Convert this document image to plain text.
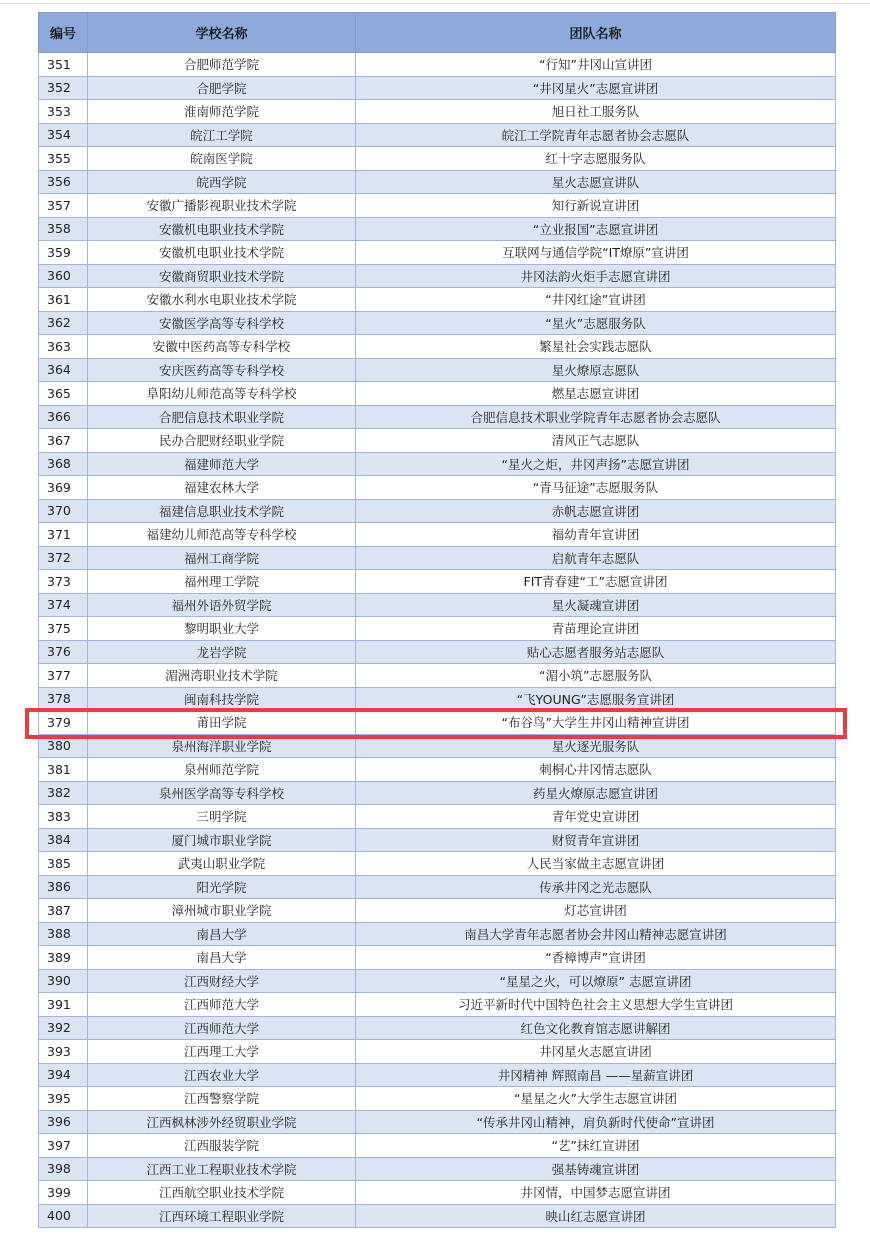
编号	学校名称	团队名称
351	合肥师范学院	“行知”井冈山宣讲团
352	合肥学院	“井冈星火”志愿宣讲团
353	淮南师范学院	旭日社工服务队
354	皖江工学院	皖江工学院青年志愿者协会志愿队
355	皖南医学院	红十字志愿服务队
356	皖西学院	星火志愿宣讲队
357	安徽广播影视职业技术学院	知行新说宣讲团
358	安徽机电职业技术学院	“立业报国”志愿宣讲团
359	安徽机电职业技术学院	互联网与通信学院“IT燎原”宣讲团
360	安徽商贸职业技术学院	井冈法韵火炬手志愿宣讲团
361	安徽水利水电职业技术学院	“井冈红途”宣讲团
362	安徽医学高等专科学校	“星火”志愿服务队
363	安徽中医药高等专科学校	繁星社会实践志愿队
364	安庆医药高等专科学校	星火燎原志愿队
365	阜阳幼儿师范高等专科学校	燃星志愿宣讲团
366	合肥信息技术职业学院	合肥信息技术职业学院青年志愿者协会志愿队
367	民办合肥财经职业学院	清风正气志愿队
368	福建师范大学	“星火之炬，井冈声扬”志愿宣讲团
369	福建农林大学	“青马征途”志愿服务队
370	福建信息职业技术学院	赤帆志愿宣讲团
371	福建幼儿师范高等专科学校	福幼青年宣讲团
372	福州工商学院	启航青年志愿队
373	福州理工学院	FIT青春建“工”志愿宣讲团
374	福州外语外贸学院	星火凝魂宣讲团
375	黎明职业大学	青苗理论宣讲团
376	龙岩学院	贴心志愿者服务站志愿队
377	湄洲湾职业技术学院	“湄小筑”志愿服务队
378	闽南科技学院	“飞YOUNG”志愿服务宣讲团
379	莆田学院	“布谷鸟”大学生井冈山精神宣讲团
380	泉州海洋职业学院	星火逐光服务队
381	泉州师范学院	刺桐心井冈情志愿队
382	泉州医学高等专科学校	药星火燎原志愿宣讲团
383	三明学院	青年党史宣讲团
384	厦门城市职业学院	财贸青年宣讲团
385	武夷山职业学院	人民当家做主志愿宣讲团
386	阳光学院	传承井冈之光志愿队
387	漳州城市职业学院	灯芯宣讲团
388	南昌大学	南昌大学青年志愿者协会井冈山精神志愿宣讲团
389	南昌大学	“香樟博声”宣讲团
390	江西财经大学	“星星之火，可以燎原” 志愿宣讲团
391	江西师范大学	习近平新时代中国特色社会主义思想大学生宣讲团
392	江西师范大学	红色文化教育馆志愿讲解团
393	江西理工大学	井冈星火志愿宣讲团
394	江西农业大学	井冈精神 辉照南昌 ——星薪宣讲团
395	江西警察学院	“星星之火”大学生志愿宣讲团
396	江西枫林涉外经贸职业学院	“传承井冈山精神，肩负新时代使命”宣讲团
397	江西服装学院	“艺”抹红宣讲团
398	江西工业工程职业技术学院	强基铸魂宣讲团
399	江西航空职业技术学院	井冈情，中国梦志愿宣讲团
400	江西环境工程职业学院	映山红志愿宣讲团
